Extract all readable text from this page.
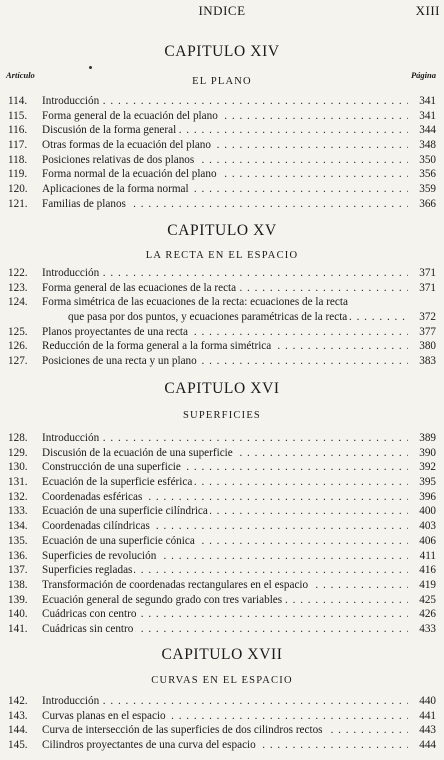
INDICE	XIII
CAPITULO XIV
Artículo
EL PLANO
Página
114.	Introducción . . .	341
115.	Forma general de la ecuación del plano . . .	341
116.	Discusión de la forma general . . .	344
117.	Otras formas de la ecuación del plano . . .	348
118.	Posiciones relativas de dos planos . . .	350
119.	Forma normal de la ecuación del plano . . .	356
120.	Aplicaciones de la forma normal . . .	359
121.	Familias de planos . . .	366
CAPITULO XV
LA RECTA EN EL ESPACIO
122.	Introducción . . .	371
123.	Forma general de las ecuaciones de la recta . . .	371
124.	Forma simétrica de las ecuaciones de la recta: ecuaciones de la recta
que pasa por dos puntos, y ecuaciones paramétricas de la recta . . .	372
125.	Planos proyectantes de una recta . . .	377
126.	Reducción de la forma general a la forma simétrica . . .	380
127.	Posiciones de una recta y un plano . . .	383
CAPITULO XVI
SUPERFICIES
128.	Introducción . . .	389
129.	Discusión de la ecuación de una superficie . . .	390
130.	Construcción de una superficie . . .	392
131.	Ecuación de la superficie esférica . . .	395
132.	Coordenadas esféricas . . .	396
133.	Ecuación de una superficie cilíndrica . . .	400
134.	Coordenadas cilíndricas . . .	403
135.	Ecuación de una superficie cónica . . .	406
136.	Superficies de revolución . . .	411
137.	Superficies regladas . . .	416
138.	Transformación de coordenadas rectangulares en el espacio . . .	419
139.	Ecuación general de segundo grado con tres variables . . .	425
140.	Cuádricas con centro . . .	426
141.	Cuádricas sin centro . . .	433
CAPITULO XVII
CURVAS EN EL ESPACIO
142.	Introducción . . .	440
143.	Curvas planas en el espacio . . .	441
144.	Curva de intersección de las superficies de dos cilindros rectos . . .	443
145.	Cilindros proyectantes de una curva del espacio . . .	444
